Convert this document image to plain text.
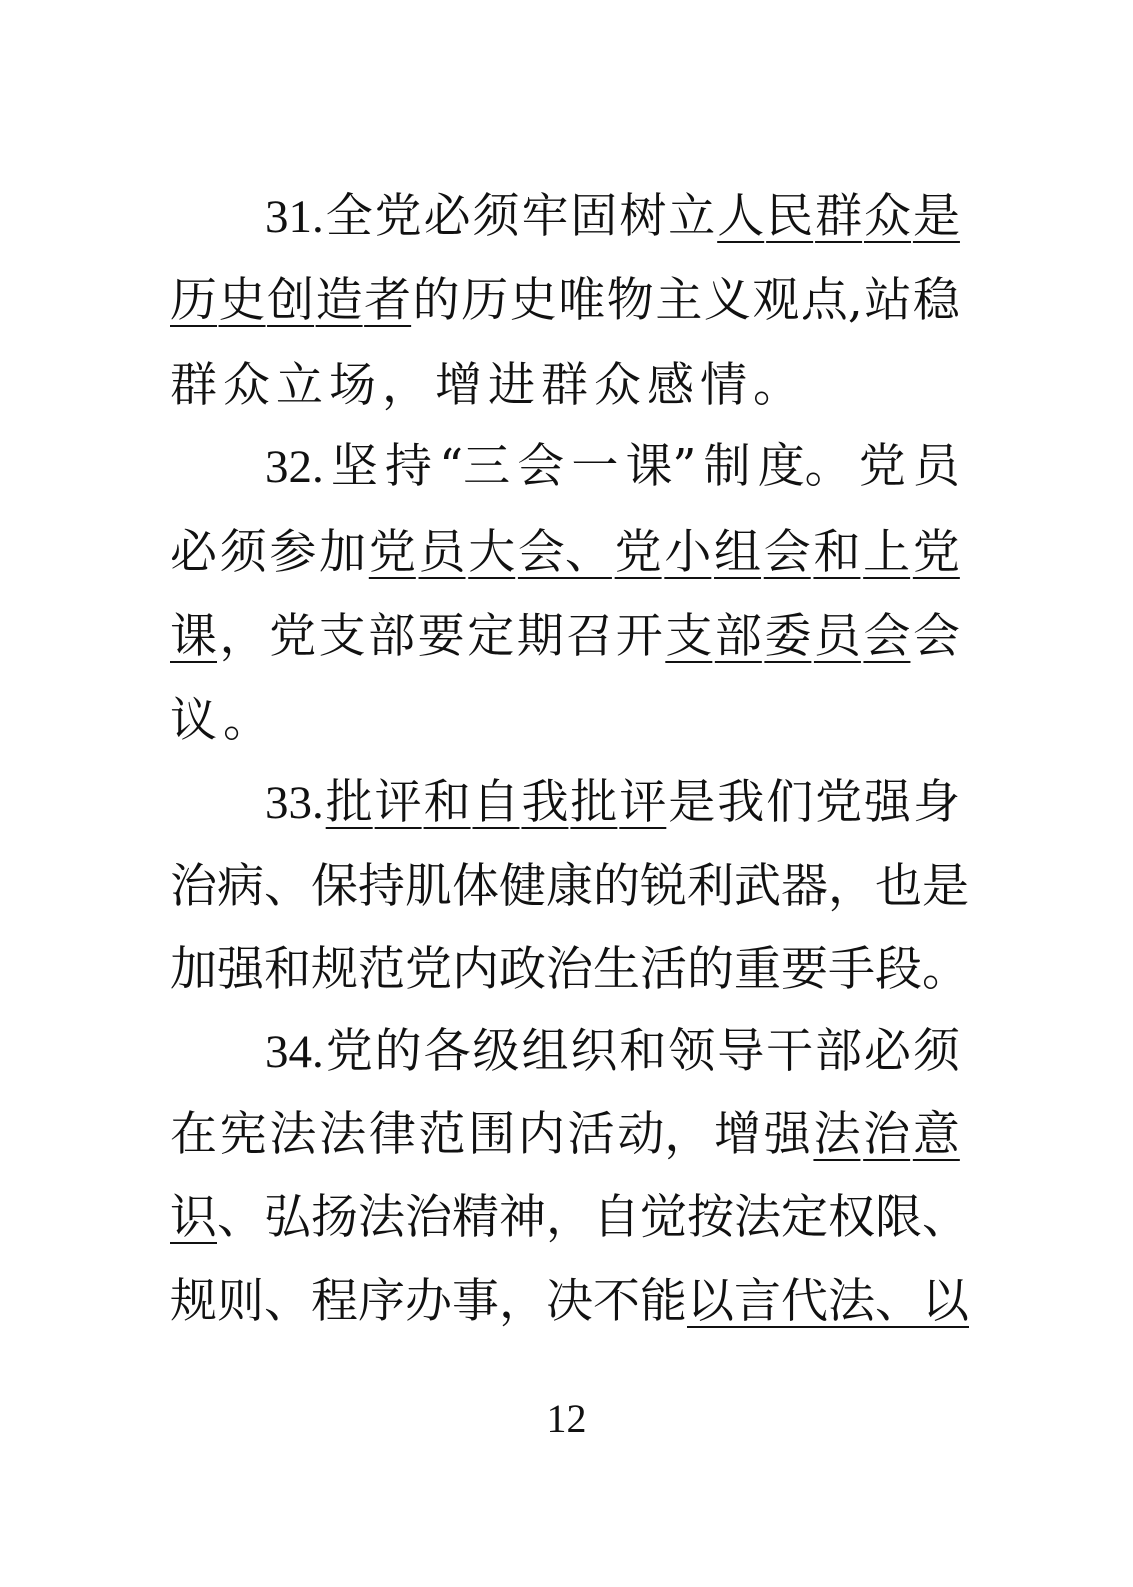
31. 全 党 必 须 牢 固 树 立 人 民 群 众 是
历 史 创 造 者 的 历 史 唯 物 主 义 观 点, 站 稳
群众立场，增进群众感情。
32. 坚 持 “三 会 一 课” 制 度。 党 员
必 须 参 加 党 员 大 会、 党 小 组 会 和 上 党
课 ， 党 支 部 要 定 期 召 开 支 部 委 员 会 会
议。
33. 批 评 和 自 我 批 评 是 我 们 党 强 身
治 病、 保 持 肌 体 健 康 的 锐 利 武 器， 也 是
加 强 和 规 范 党 内 政 治 生 活 的 重 要 手 段。
34. 党 的 各 级 组 织 和 领 导 干 部 必 须
在 宪 法 法 律 范 围 内 活 动， 增 强 法 治 意
识 、 弘 扬 法 治 精 神， 自 觉 按 法 定 权 限、
规 则、 程 序 办 事， 决 不 能 以 言 代 法、 以
12
